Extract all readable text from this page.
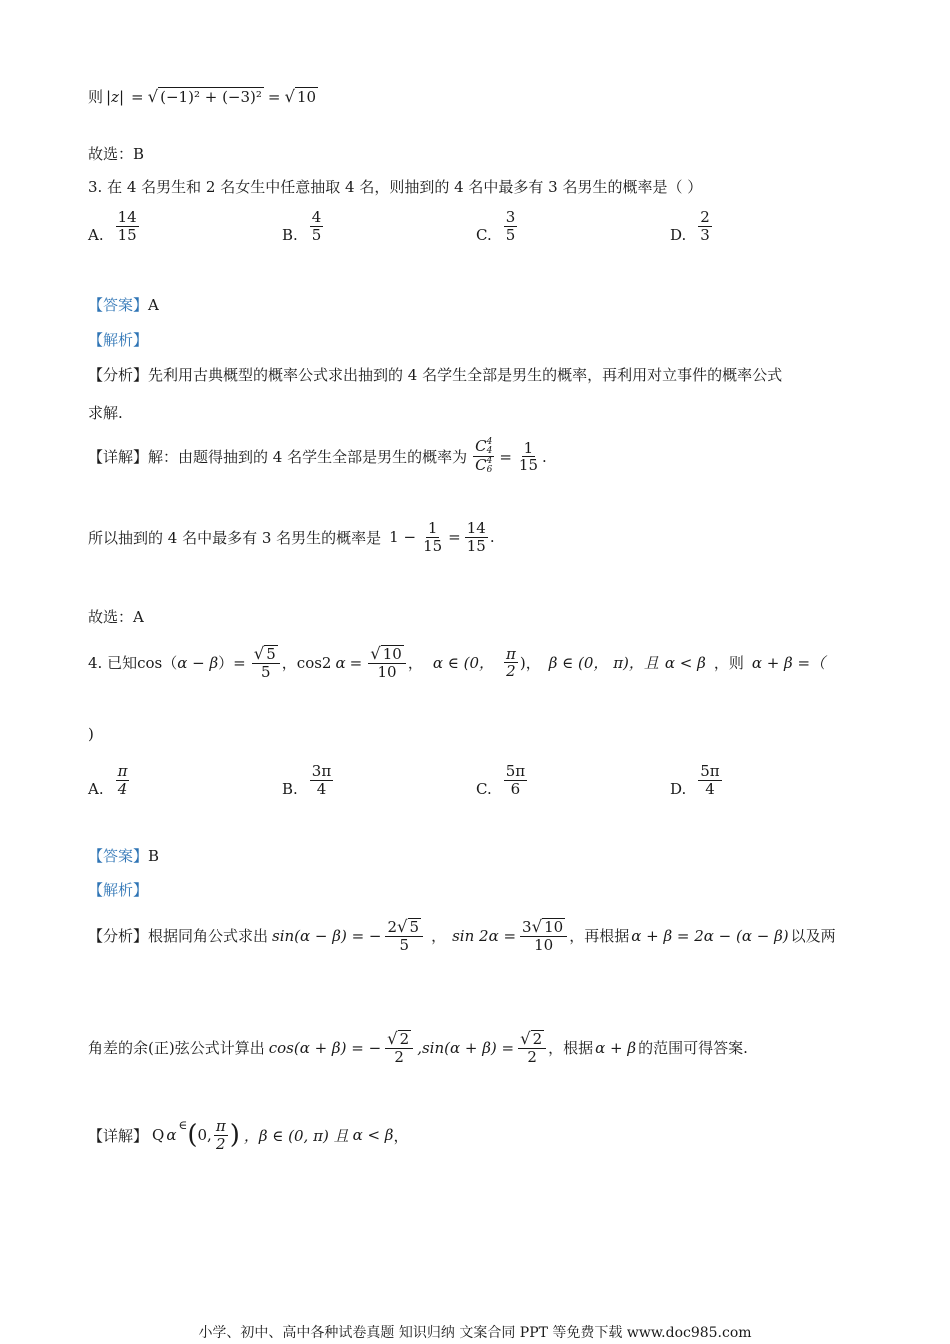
则 |z| = √ (−1)² + (−3)² = √ 10
故选：B
3. 在 4 名男生和 2 名女生中任意抽取 4 名，则抽到的 4 名中最多有 3 名男生的概率是（ ）
A. $\frac{14}{15}$	B. $\frac{4}{5}$	C. $\frac{3}{5}$	D. $\frac{2}{3}$
【答案】 A
【解析】
【分析】 先利用古典概型的概率公式求出抽到的 4 名学生全部是男生的概率，再利用对立事件的概率公式
求解.
【详解】 解：由题得抽到的 4 名学生全部是男生的概率为 C 4
4
C 4
$6 = \frac{1}{15}$ .
所以抽到的 4 名中最多有 3 名男生的概率是 $1 - \frac{1}{15} = \frac{14}{15}$ .
故选：A
4. 已知 cos（ α − β ）= $\frac{√ 5}{5}$ ， cos2 $\alpha = \frac{√ 10}{10}$ ， α ∈ (0， $\frac{\pi}{2}$ )， β ∈ (0， π)，且 α < β ，则 α + β =（
)
A. $\frac{\pi}{4}$	B. $\frac{3\pi}{4}$	C. $\frac{5\pi}{6}$	D. $\frac{5\pi}{4}$
【答案】 B
【解析】
【分析】 根据同角公式求出 sin(α − β) = − $\frac{2 √ 5}{5}$ ， $\sin 2\alpha = \frac{3 √ 10}{10}$ ，再根据 α + β = 2α − (α − β) 以及两
角差的余(正)弦公式计算出 cos(α + β) = − $\frac{√ 2}{2} ,\sin(\alpha + \beta) = \frac{√ 2}{2}$ ，根据 α + β 的范围可得答案.
【详解】 Q α
∈ ( 0, $\frac{\pi}{2}$ ) ，β ∈ (0, π) 且 α < β ，
小学、初中、高中各种试卷真题 知识归纳 文案合同 PPT 等免费下载 www.doc985.com
